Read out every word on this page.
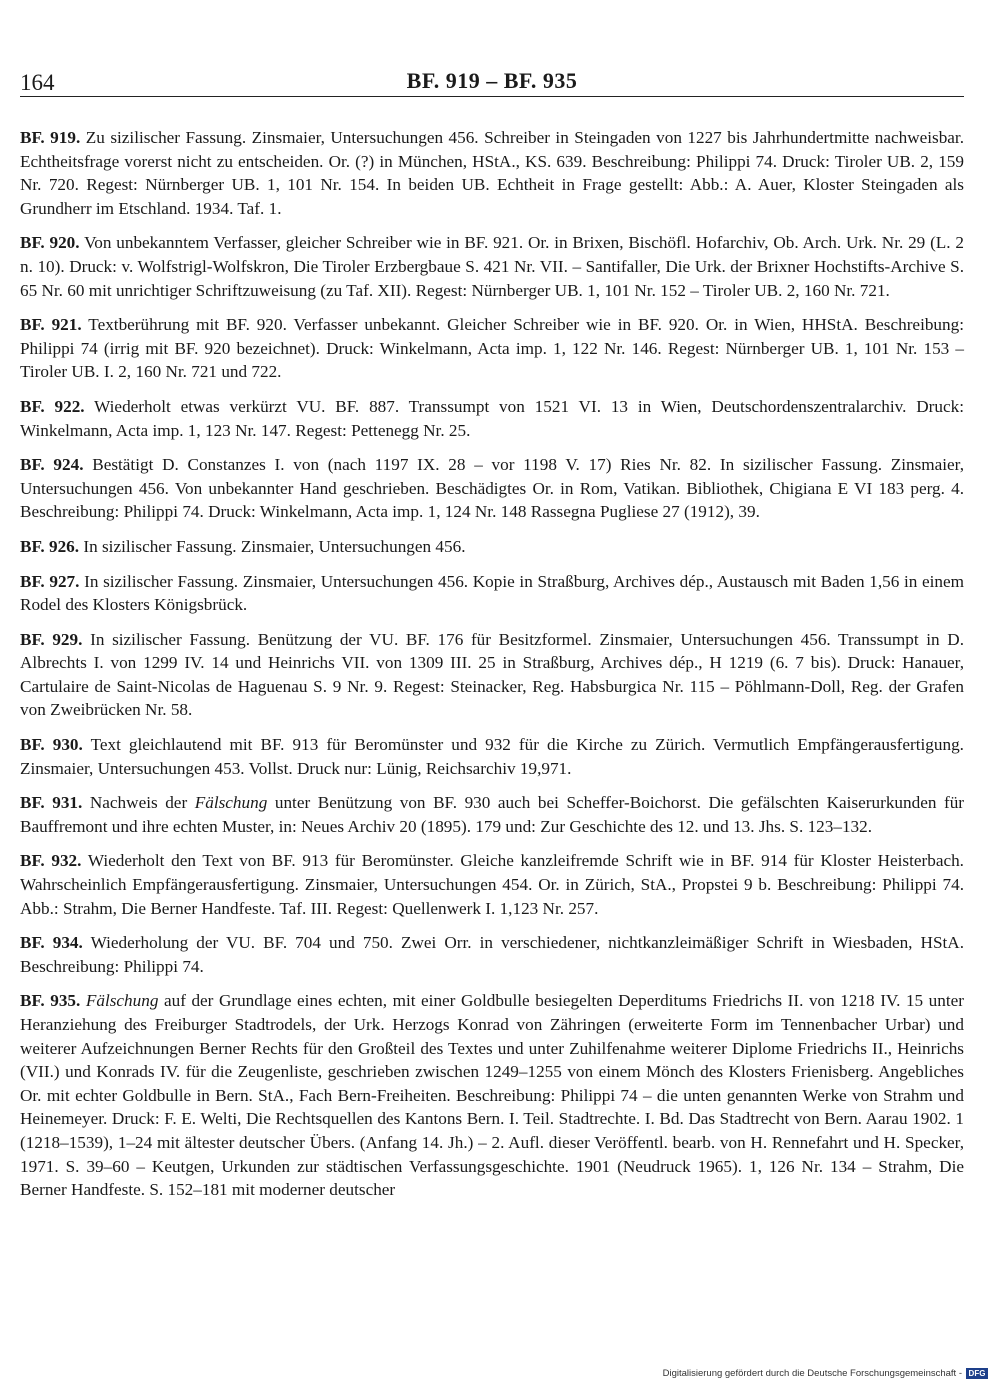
164	BF. 919 – BF. 935

BF. 919. Zu sizilischer Fassung. Zinsmaier, Untersuchungen 456. Schreiber in Steingaden von 1227 bis Jahrhundertmitte nachweisbar. Echtheitsfrage vorerst nicht zu entscheiden. Or. (?) in München, HStA., KS. 639. Beschreibung: Philippi 74. Druck: Tiroler UB. 2, 159 Nr. 720. Regest: Nürnberger UB. 1, 101 Nr. 154. In beiden UB. Echtheit in Frage gestellt: Abb.: A. Auer, Kloster Steingaden als Grundherr im Etschland. 1934. Taf. 1.

BF. 920. Von unbekanntem Verfasser, gleicher Schreiber wie in BF. 921. Or. in Brixen, Bischöfl. Hofarchiv, Ob. Arch. Urk. Nr. 29 (L. 2 n. 10). Druck: v. Wolfstrigl-Wolfskron, Die Tiroler Erzbergbaue S. 421 Nr. VII. – Santifaller, Die Urk. der Brixner Hochstifts-Archive S. 65 Nr. 60 mit unrichtiger Schriftzuweisung (zu Taf. XII). Regest: Nürnberger UB. 1, 101 Nr. 152 – Tiroler UB. 2, 160 Nr. 721.

BF. 921. Textberührung mit BF. 920. Verfasser unbekannt. Gleicher Schreiber wie in BF. 920. Or. in Wien, HHStA. Beschreibung: Philippi 74 (irrig mit BF. 920 bezeichnet). Druck: Winkelmann, Acta imp. 1, 122 Nr. 146. Regest: Nürnberger UB. 1, 101 Nr. 153 – Tiroler UB. I. 2, 160 Nr. 721 und 722.

BF. 922. Wiederholt etwas verkürzt VU. BF. 887. Transsumpt von 1521 VI. 13 in Wien, Deutschordenszentralarchiv. Druck: Winkelmann, Acta imp. 1, 123 Nr. 147. Regest: Pettenegg Nr. 25.

BF. 924. Bestätigt D. Constanzes I. von (nach 1197 IX. 28 – vor 1198 V. 17) Ries Nr. 82. In sizilischer Fassung. Zinsmaier, Untersuchungen 456. Von unbekannter Hand geschrieben. Beschädigtes Or. in Rom, Vatikan. Bibliothek, Chigiana E VI 183 perg. 4. Beschreibung: Philippi 74. Druck: Winkelmann, Acta imp. 1, 124 Nr. 148 Rassegna Pugliese 27 (1912), 39.

BF. 926. In sizilischer Fassung. Zinsmaier, Untersuchungen 456.

BF. 927. In sizilischer Fassung. Zinsmaier, Untersuchungen 456. Kopie in Straßburg, Archives dép., Austausch mit Baden 1,56 in einem Rodel des Klosters Königsbrück.

BF. 929. In sizilischer Fassung. Benützung der VU. BF. 176 für Besitzformel. Zinsmaier, Untersuchungen 456. Transsumpt in D. Albrechts I. von 1299 IV. 14 und Heinrichs VII. von 1309 III. 25 in Straßburg, Archives dép., H 1219 (6. 7 bis). Druck: Hanauer, Cartulaire de Saint-Nicolas de Haguenau S. 9 Nr. 9. Regest: Steinacker, Reg. Habsburgica Nr. 115 – Pöhlmann-Doll, Reg. der Grafen von Zweibrücken Nr. 58.

BF. 930. Text gleichlautend mit BF. 913 für Beromünster und 932 für die Kirche zu Zürich. Vermutlich Empfängerausfertigung. Zinsmaier, Untersuchungen 453. Vollst. Druck nur: Lünig, Reichsarchiv 19,971.

BF. 931. Nachweis der Fälschung unter Benützung von BF. 930 auch bei Scheffer-Boichorst. Die gefälschten Kaiserurkunden für Bauffremont und ihre echten Muster, in: Neues Archiv 20 (1895). 179 und: Zur Geschichte des 12. und 13. Jhs. S. 123–132.

BF. 932. Wiederholt den Text von BF. 913 für Beromünster. Gleiche kanzleifremde Schrift wie in BF. 914 für Kloster Heisterbach. Wahrscheinlich Empfängerausfertigung. Zinsmaier, Untersuchungen 454. Or. in Zürich, StA., Propstei 9 b. Beschreibung: Philippi 74. Abb.: Strahm, Die Berner Handfeste. Taf. III. Regest: Quellenwerk I. 1,123 Nr. 257.

BF. 934. Wiederholung der VU. BF. 704 und 750. Zwei Orr. in verschiedener, nichtkanzleimäßiger Schrift in Wiesbaden, HStA. Beschreibung: Philippi 74.

BF. 935. Fälschung auf der Grundlage eines echten, mit einer Goldbulle besiegelten Deperditums Friedrichs II. von 1218 IV. 15 unter Heranziehung des Freiburger Stadtrodels, der Urk. Herzogs Konrad von Zähringen (erweiterte Form im Tennenbacher Urbar) und weiterer Aufzeichnungen Berner Rechts für den Großteil des Textes und unter Zuhilfenahme weiterer Diplome Friedrichs II., Heinrichs (VII.) und Konrads IV. für die Zeugenliste, geschrieben zwischen 1249–1255 von einem Mönch des Klosters Frienisberg. Angebliches Or. mit echter Goldbulle in Bern. StA., Fach Bern-Freiheiten. Beschreibung: Philippi 74 – die unten genannten Werke von Strahm und Heinemeyer. Druck: F. E. Welti, Die Rechtsquellen des Kantons Bern. I. Teil. Stadtrechte. I. Bd. Das Stadtrecht von Bern. Aarau 1902. 1 (1218–1539), 1–24 mit ältester deutscher Übers. (Anfang 14. Jh.) – 2. Aufl. dieser Veröffentl. bearb. von H. Rennefahrt und H. Specker, 1971. S. 39–60 – Keutgen, Urkunden zur städtischen Verfassungsgeschichte. 1901 (Neudruck 1965). 1, 126 Nr. 134 – Strahm, Die Berner Handfeste. S. 152–181 mit moderner deutscher

Digitalisierung gefördert durch die Deutsche Forschungsgemeinschaft - DFG
